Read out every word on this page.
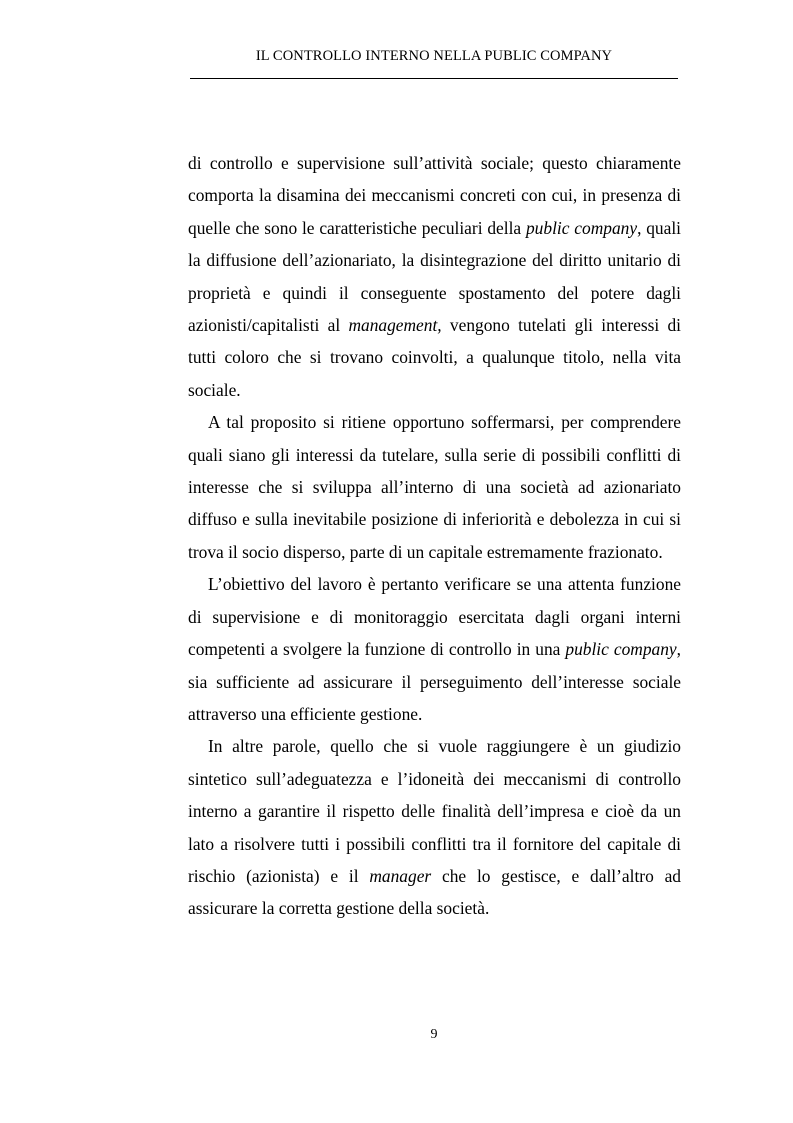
IL CONTROLLO INTERNO NELLA PUBLIC COMPANY

di controllo e supervisione sull’attività sociale; questo chiaramente comporta la disamina dei meccanismi concreti con cui, in presenza di quelle che sono le caratteristiche peculiari della public company, quali la diffusione dell’azionariato, la disintegrazione del diritto unitario di proprietà e quindi il conseguente spostamento del potere dagli azionisti/capitalisti al management, vengono tutelati gli interessi di tutti coloro che si trovano coinvolti, a qualunque titolo, nella vita sociale.

A tal proposito si ritiene opportuno soffermarsi, per comprendere quali siano gli interessi da tutelare, sulla serie di possibili conflitti di interesse che si sviluppa all’interno di una società ad azionariato diffuso e sulla inevitabile posizione di inferiorità e debolezza in cui si trova il socio disperso, parte di un capitale estremamente frazionato.

L’obiettivo del lavoro è pertanto verificare se una attenta funzione di supervisione e di monitoraggio esercitata dagli organi interni competenti a svolgere la funzione di controllo in una public company, sia sufficiente ad assicurare il perseguimento dell’interesse sociale attraverso una efficiente gestione.

In altre parole, quello che si vuole raggiungere è un giudizio sintetico sull’adeguatezza e l’idoneità dei meccanismi di controllo interno a garantire il rispetto delle finalità dell’impresa e cioè da un lato a risolvere tutti i possibili conflitti tra il fornitore del capitale di rischio (azionista) e il manager che lo gestisce, e dall’altro ad assicurare la corretta gestione della società.

9
